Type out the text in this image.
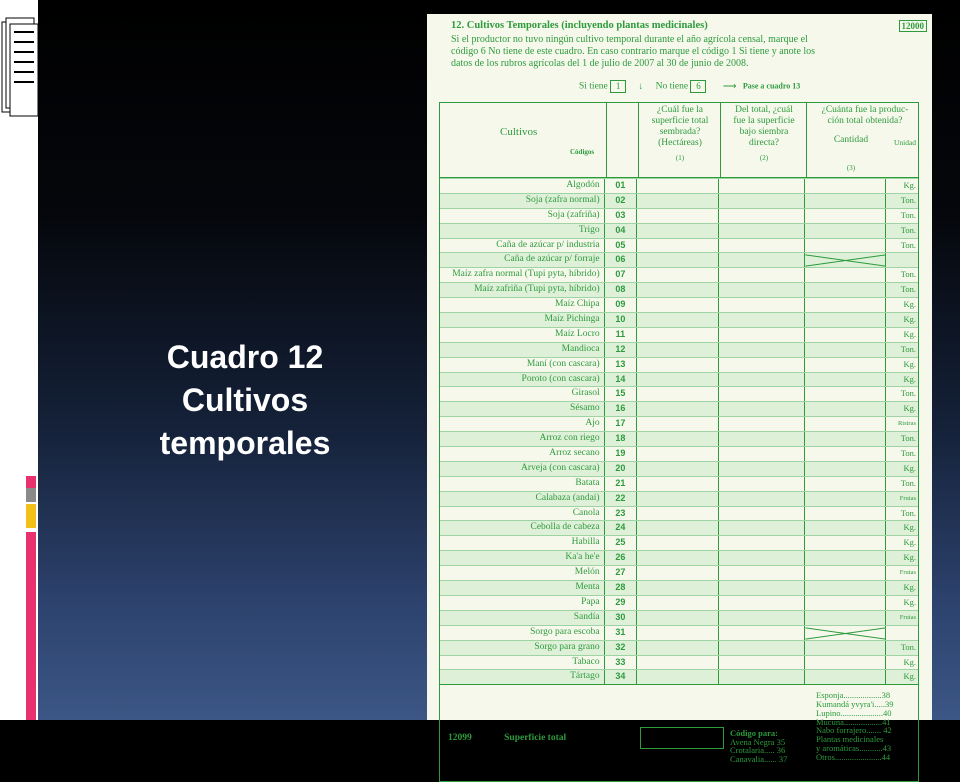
Cuadro 12
Cultivos
temporales
12. Cultivos Temporales (incluyendo plantas medicinales)	12000
Si el productor no tuvo ningún cultivo temporal durante el año agrícola censal, marque el
código 6 No tiene de este cuadro. En caso contrario marque el código 1 Si tiene y anote los
datos de los rubros agrícolas del 1 de julio de 2007 al 30 de junio de 2008.
Si tiene 1 ↓ No tiene 6 ⟶ Pase a cuadro 13
Cultivos
Códigos
¿Cuál fue la
superficie total
sembrada?
(Hectáreas)
(1)
Del total, ¿cuál
fue la superficie
bajo siembra
directa?
(2)
¿Cuánta fue la produc-
ción total obtenida?
Cantidad	Unidad
(3)
Algodón	01	Kg.
Soja (zafra normal)	02	Ton.
Soja (zafriña)	03	Ton.
Trigo	04	Ton.
Caña de azúcar p/ industria	05	Ton.
Caña de azúcar p/ forraje	06
Maíz zafra normal (Tupi pyta, híbrido)	07	Ton.
Maíz zafriña (Tupi pyta, híbrido)	08	Ton.
Maíz Chipa	09	Kg.
Maíz Pichinga	10	Kg.
Maíz Locro	11	Kg.
Mandioca	12	Ton.
Maní (con cascara)	13	Kg.
Poroto (con cascara)	14	Kg.
Girasol	15	Ton.
Sésamo	16	Kg.
Ajo	17	Ristras
Arroz con riego	18	Ton.
Arroz secano	19	Ton.
Arveja (con cascara)	20	Kg.
Batata	21	Ton.
Calabaza (andai)	22	Frutas
Canola	23	Ton.
Cebolla de cabeza	24	Kg.
Habilla	25	Kg.
Ka'a he'e	26	Kg.
Melón	27	Frutas
Menta	28	Kg.
Papa	29	Kg.
Sandía	30	Frutas
Sorgo para escoba	31
Sorgo para grano	32	Ton.
Tabaco	33	Kg.
Tártago	34	Kg.
Esponja..................38
Kumandá yvyra'i.....39
Lupino....................40
Mucuna..................41
Nabo forrajero....... 42
Plantas medicinales
y aromáticas...........43
Otros......................44
Código para:
Avena Negra 35
Crotalaria..... 36
Canavalia...... 37
12099	Superficie total
